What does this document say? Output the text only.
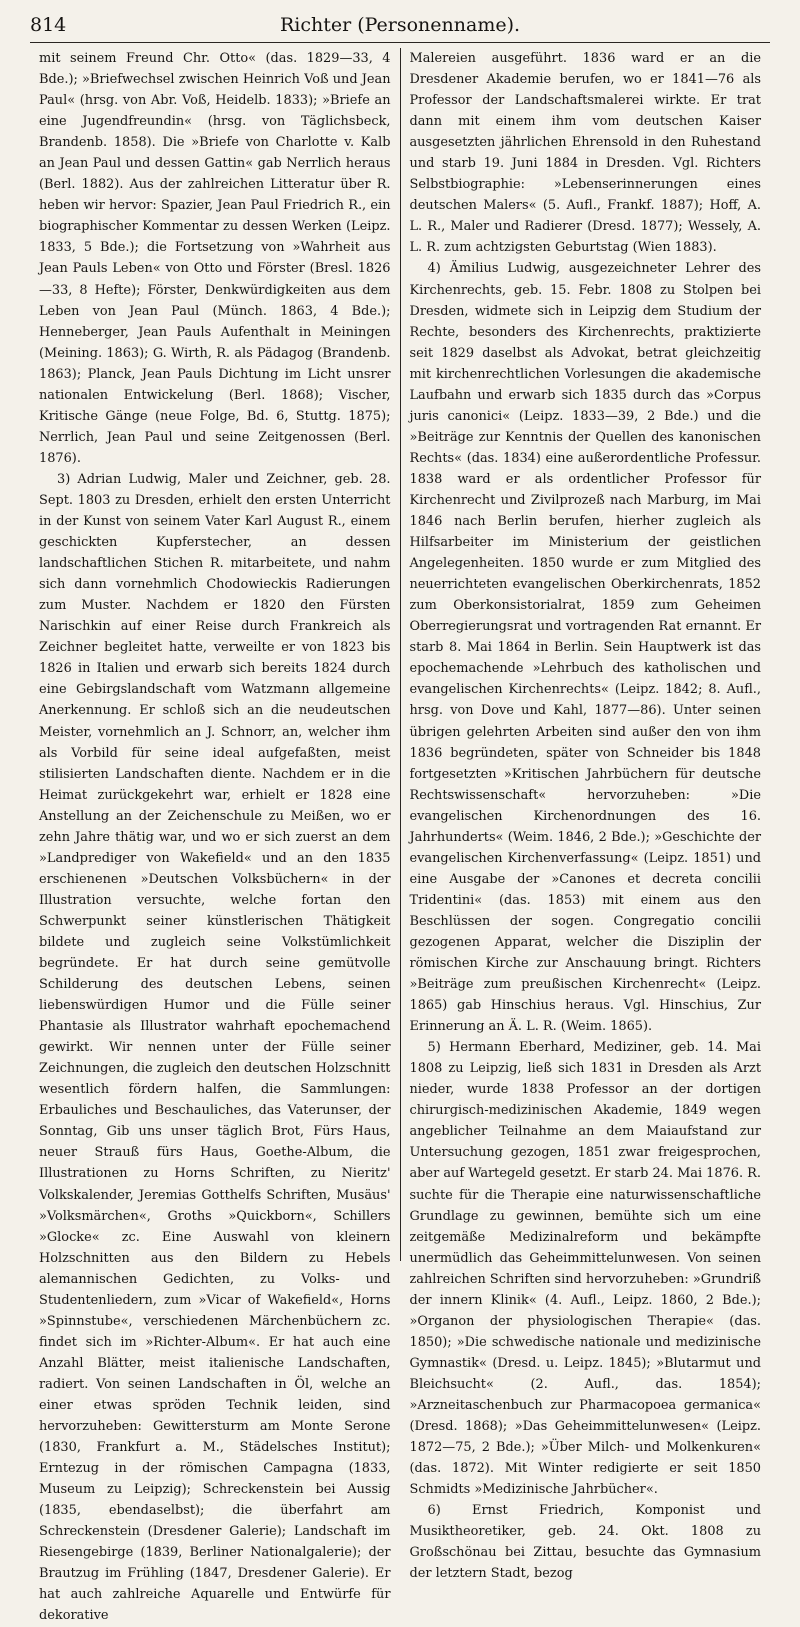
814	Richter (Personenname).

mit seinem Freund Chr. Otto« (das. 1829—33, 4 Bde.); »Briefwechsel zwischen Heinrich Voß und Jean Paul« (hrsg. von Abr. Voß, Heidelb. 1833); »Briefe an eine Jugendfreundin« (hrsg. von Täglichsbeck, Brandenb. 1858). Die »Briefe von Charlotte v. Kalb an Jean Paul und dessen Gattin« gab Nerrlich heraus (Berl. 1882). Aus der zahlreichen Litteratur über R. heben wir hervor: Spazier, Jean Paul Friedrich R., ein biographischer Kommentar zu dessen Werken (Leipz. 1833, 5 Bde.); die Fortsetzung von »Wahrheit aus Jean Pauls Leben« von Otto und Förster (Bresl. 1826—33, 8 Hefte); Förster, Denkwürdigkeiten aus dem Leben von Jean Paul (Münch. 1863, 4 Bde.); Henneberger, Jean Pauls Aufenthalt in Meiningen (Meining. 1863); G. Wirth, R. als Pädagog (Brandenb. 1863); Planck, Jean Pauls Dichtung im Licht unsrer nationalen Entwickelung (Berl. 1868); Vischer, Kritische Gänge (neue Folge, Bd. 6, Stuttg. 1875); Nerrlich, Jean Paul und seine Zeitgenossen (Berl. 1876).

3) Adrian Ludwig, Maler und Zeichner, geb. 28. Sept. 1803 zu Dresden, erhielt den ersten Unterricht in der Kunst von seinem Vater Karl August R., einem geschickten Kupferstecher, an dessen landschaftlichen Stichen R. mitarbeitete, und nahm sich dann vornehmlich Chodowieckis Radierungen zum Muster. Nachdem er 1820 den Fürsten Narischkin auf einer Reise durch Frankreich als Zeichner begleitet hatte, verweilte er von 1823 bis 1826 in Italien und erwarb sich bereits 1824 durch eine Gebirgslandschaft vom Watzmann allgemeine Anerkennung. Er schloß sich an die neudeutschen Meister, vornehmlich an J. Schnorr, an, welcher ihm als Vorbild für seine ideal aufgefaßten, meist stilisierten Landschaften diente. Nachdem er in die Heimat zurückgekehrt war, erhielt er 1828 eine Anstellung an der Zeichenschule zu Meißen, wo er zehn Jahre thätig war, und wo er sich zuerst an dem »Landprediger von Wakefield« und an den 1835 erschienenen »Deutschen Volksbüchern« in der Illustration versuchte, welche fortan den Schwerpunkt seiner künstlerischen Thätigkeit bildete und zugleich seine Volkstümlichkeit begründete. Er hat durch seine gemütvolle Schilderung des deutschen Lebens, seinen liebenswürdigen Humor und die Fülle seiner Phantasie als Illustrator wahrhaft epochemachend gewirkt. Wir nennen unter der Fülle seiner Zeichnungen, die zugleich den deutschen Holzschnitt wesentlich fördern halfen, die Sammlungen: Erbauliches und Beschauliches, das Vaterunser, der Sonntag, Gib uns unser täglich Brot, Fürs Haus, neuer Strauß fürs Haus, Goethe-Album, die Illustrationen zu Horns Schriften, zu Nieritz' Volkskalender, Jeremias Gotthelfs Schriften, Musäus' »Volksmärchen«, Groths »Quickborn«, Schillers »Glocke« zc. Eine Auswahl von kleinern Holzschnitten aus den Bildern zu Hebels alemannischen Gedichten, zu Volks- und Studentenliedern, zum »Vicar of Wakefield«, Horns »Spinnstube«, verschiedenen Märchenbüchern zc. findet sich im »Richter-Album«. Er hat auch eine Anzahl Blätter, meist italienische Landschaften, radiert. Von seinen Landschaften in Öl, welche an einer etwas spröden Technik leiden, sind hervorzuheben: Gewittersturm am Monte Serone (1830, Frankfurt a. M., Städelsches Institut); Erntezug in der römischen Campagna (1833, Museum zu Leipzig); Schreckenstein bei Aussig (1835, ebendaselbst); die überfahrt am Schreckenstein (Dresdener Galerie); Landschaft im Riesengebirge (1839, Berliner Nationalgalerie); der Brautzug im Frühling (1847, Dresdener Galerie). Er hat auch zahlreiche Aquarelle und Entwürfe für dekorative

Malereien ausgeführt. 1836 ward er an die Dresdener Akademie berufen, wo er 1841—76 als Professor der Landschaftsmalerei wirkte. Er trat dann mit einem ihm vom deutschen Kaiser ausgesetzten jährlichen Ehrensold in den Ruhestand und starb 19. Juni 1884 in Dresden. Vgl. Richters Selbstbiographie: »Lebenserinnerungen eines deutschen Malers« (5. Aufl., Frankf. 1887); Hoff, A. L. R., Maler und Radierer (Dresd. 1877); Wessely, A. L. R. zum achtzigsten Geburtstag (Wien 1883).

4) Ämilius Ludwig, ausgezeichneter Lehrer des Kirchenrechts, geb. 15. Febr. 1808 zu Stolpen bei Dresden, widmete sich in Leipzig dem Studium der Rechte, besonders des Kirchenrechts, praktizierte seit 1829 daselbst als Advokat, betrat gleichzeitig mit kirchenrechtlichen Vorlesungen die akademische Laufbahn und erwarb sich 1835 durch das »Corpus juris canonici« (Leipz. 1833—39, 2 Bde.) und die »Beiträge zur Kenntnis der Quellen des kanonischen Rechts« (das. 1834) eine außerordentliche Professur. 1838 ward er als ordentlicher Professor für Kirchenrecht und Zivilprozeß nach Marburg, im Mai 1846 nach Berlin berufen, hierher zugleich als Hilfsarbeiter im Ministerium der geistlichen Angelegenheiten. 1850 wurde er zum Mitglied des neuerrichteten evangelischen Oberkirchenrats, 1852 zum Oberkonsistorialrat, 1859 zum Geheimen Oberregierungsrat und vortragenden Rat ernannt. Er starb 8. Mai 1864 in Berlin. Sein Hauptwerk ist das epochemachende »Lehrbuch des katholischen und evangelischen Kirchenrechts« (Leipz. 1842; 8. Aufl., hrsg. von Dove und Kahl, 1877—86). Unter seinen übrigen gelehrten Arbeiten sind außer den von ihm 1836 begründeten, später von Schneider bis 1848 fortgesetzten »Kritischen Jahrbüchern für deutsche Rechtswissenschaft« hervorzuheben: »Die evangelischen Kirchenordnungen des 16. Jahrhunderts« (Weim. 1846, 2 Bde.); »Geschichte der evangelischen Kirchenverfassung« (Leipz. 1851) und eine Ausgabe der »Canones et decreta concilii Tridentini« (das. 1853) mit einem aus den Beschlüssen der sogen. Congregatio concilii gezogenen Apparat, welcher die Disziplin der römischen Kirche zur Anschauung bringt. Richters »Beiträge zum preußischen Kirchenrecht« (Leipz. 1865) gab Hinschius heraus. Vgl. Hinschius, Zur Erinnerung an Ä. L. R. (Weim. 1865).

5) Hermann Eberhard, Mediziner, geb. 14. Mai 1808 zu Leipzig, ließ sich 1831 in Dresden als Arzt nieder, wurde 1838 Professor an der dortigen chirurgisch-medizinischen Akademie, 1849 wegen angeblicher Teilnahme an dem Maiaufstand zur Untersuchung gezogen, 1851 zwar freigesprochen, aber auf Wartegeld gesetzt. Er starb 24. Mai 1876. R. suchte für die Therapie eine naturwissenschaftliche Grundlage zu gewinnen, bemühte sich um eine zeitgemäße Medizinalreform und bekämpfte unermüdlich das Geheimmittelunwesen. Von seinen zahlreichen Schriften sind hervorzuheben: »Grundriß der innern Klinik« (4. Aufl., Leipz. 1860, 2 Bde.); »Organon der physiologischen Therapie« (das. 1850); »Die schwedische nationale und medizinische Gymnastik« (Dresd. u. Leipz. 1845); »Blutarmut und Bleichsucht« (2. Aufl., das. 1854); »Arzneitaschenbuch zur Pharmacopoea germanica« (Dresd. 1868); »Das Geheimmittelunwesen« (Leipz. 1872—75, 2 Bde.); »Über Milch- und Molkenkuren« (das. 1872). Mit Winter redigierte er seit 1850 Schmidts »Medizinische Jahrbücher«.

6) Ernst Friedrich, Komponist und Musiktheoretiker, geb. 24. Okt. 1808 zu Großschönau bei Zittau, besuchte das Gymnasium der letztern Stadt, bezog
